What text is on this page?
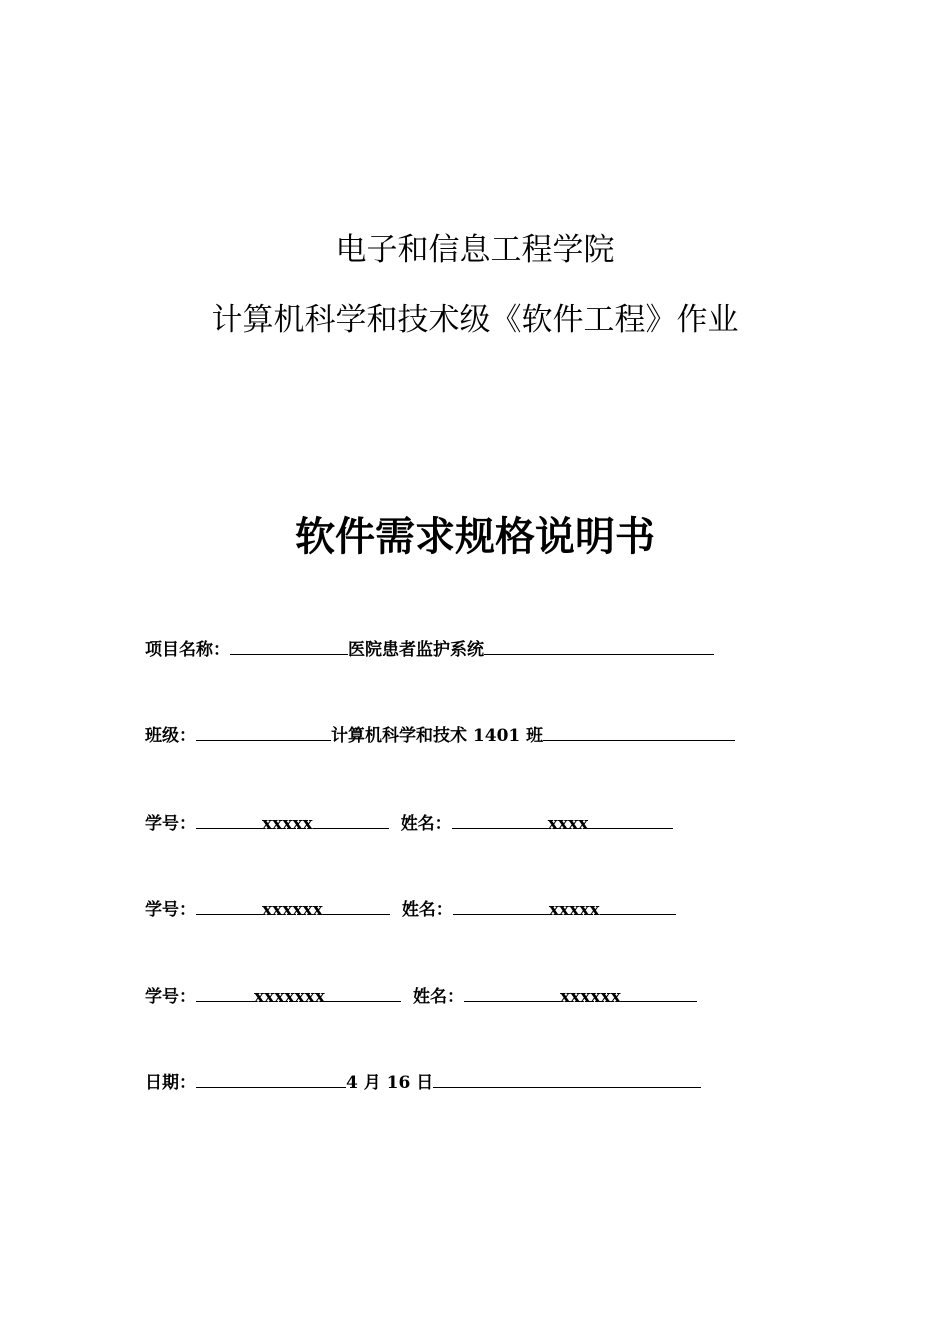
电子和信息工程学院
计算机科学和技术级《软件工程》作业
软件需求规格说明书
项目名称：	医院患者监护系统
班级：	计算机科学和技术 1401 班
学号：	xxxxx	姓名：	xxxx
学号：	xxxxxx	姓名：	xxxxx
学号：	xxxxxxx	姓名：	xxxxxx
日期：	4 月 16 日
